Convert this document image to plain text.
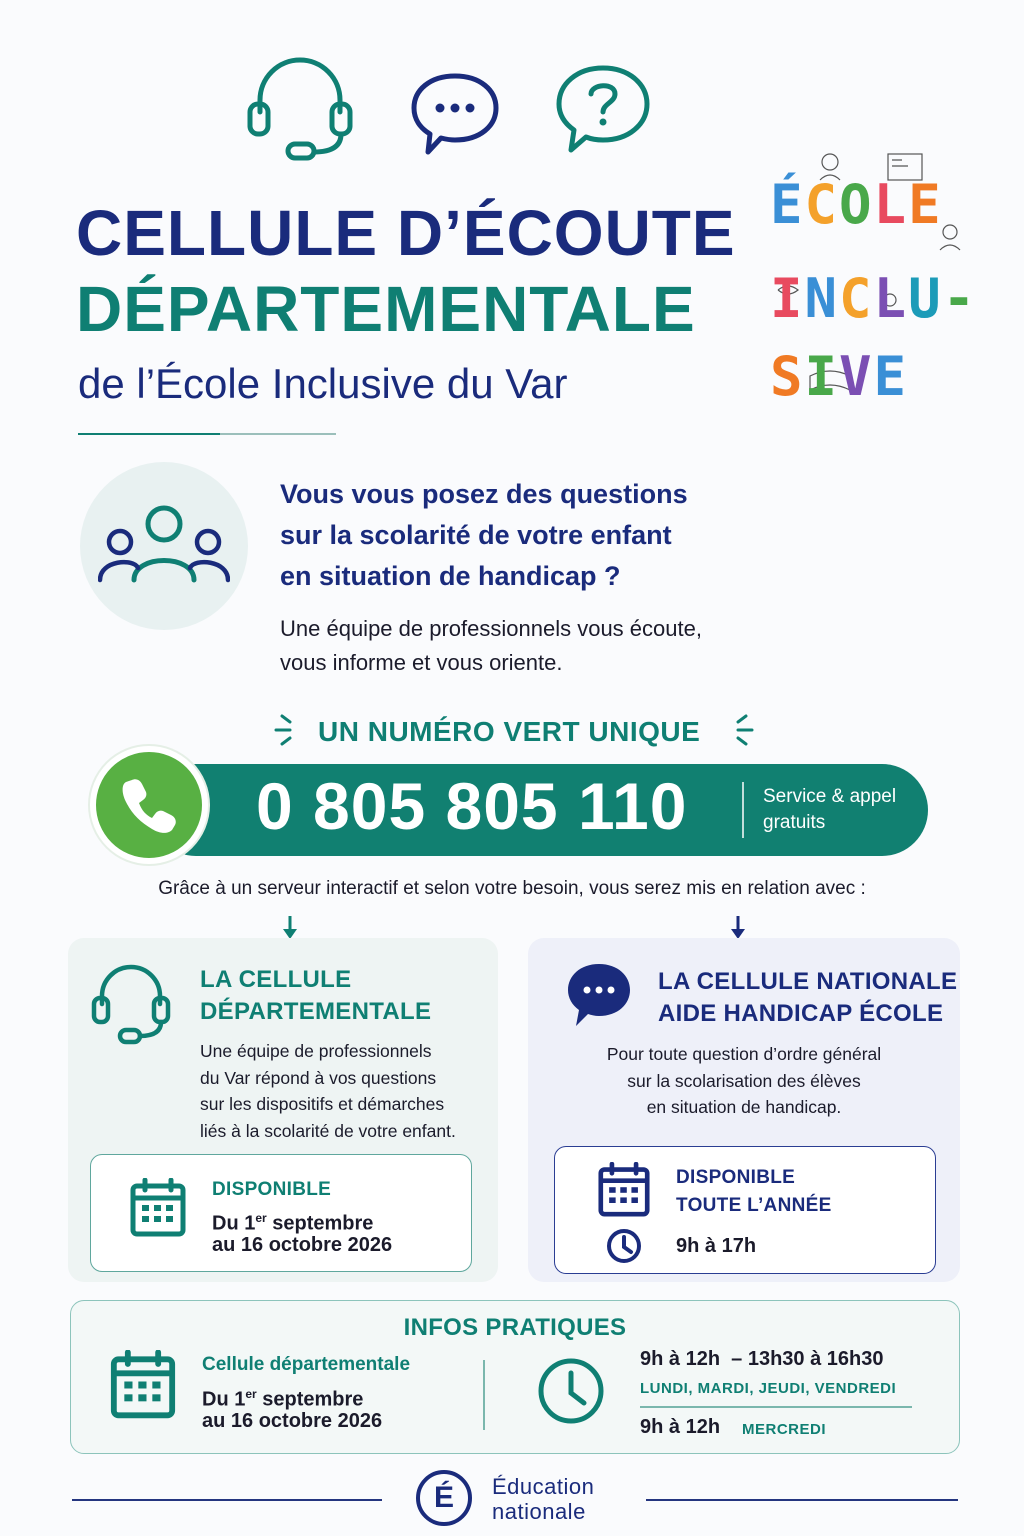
CELLULE D’ÉCOUTE
DÉPARTEMENTALE
de l’École Inclusive du Var
ÉCOLE
INCLU-
SIVE
Vous vous posez des questions
sur la scolarité de votre enfant
en situation de handicap ?
Une équipe de professionnels vous écoute,
vous informe et vous oriente.
UN NUMÉRO VERT UNIQUE
0 805 805 110	Service & appel
gratuits
Grâce à un serveur interactif et selon votre besoin, vous serez mis en relation avec :
LA CELLULE
DÉPARTEMENTALE
Une équipe de professionnels
du Var répond à vos questions
sur les dispositifs et démarches
liés à la scolarité de votre enfant.
DISPONIBLE
Du 1er septembre
au 16 octobre 2026
LA CELLULE NATIONALE
AIDE HANDICAP ÉCOLE
Pour toute question d’ordre général
sur la scolarisation des élèves
en situation de handicap.
DISPONIBLE
TOUTE L’ANNÉE
9h à 17h
INFOS PRATIQUES
Cellule départementale
Du 1er septembre
au 16 octobre 2026
9h à 12h  – 13h30 à 16h30
LUNDI, MARDI, JEUDI, VENDREDI
9h à 12h MERCREDI
É Éducation
nationale
